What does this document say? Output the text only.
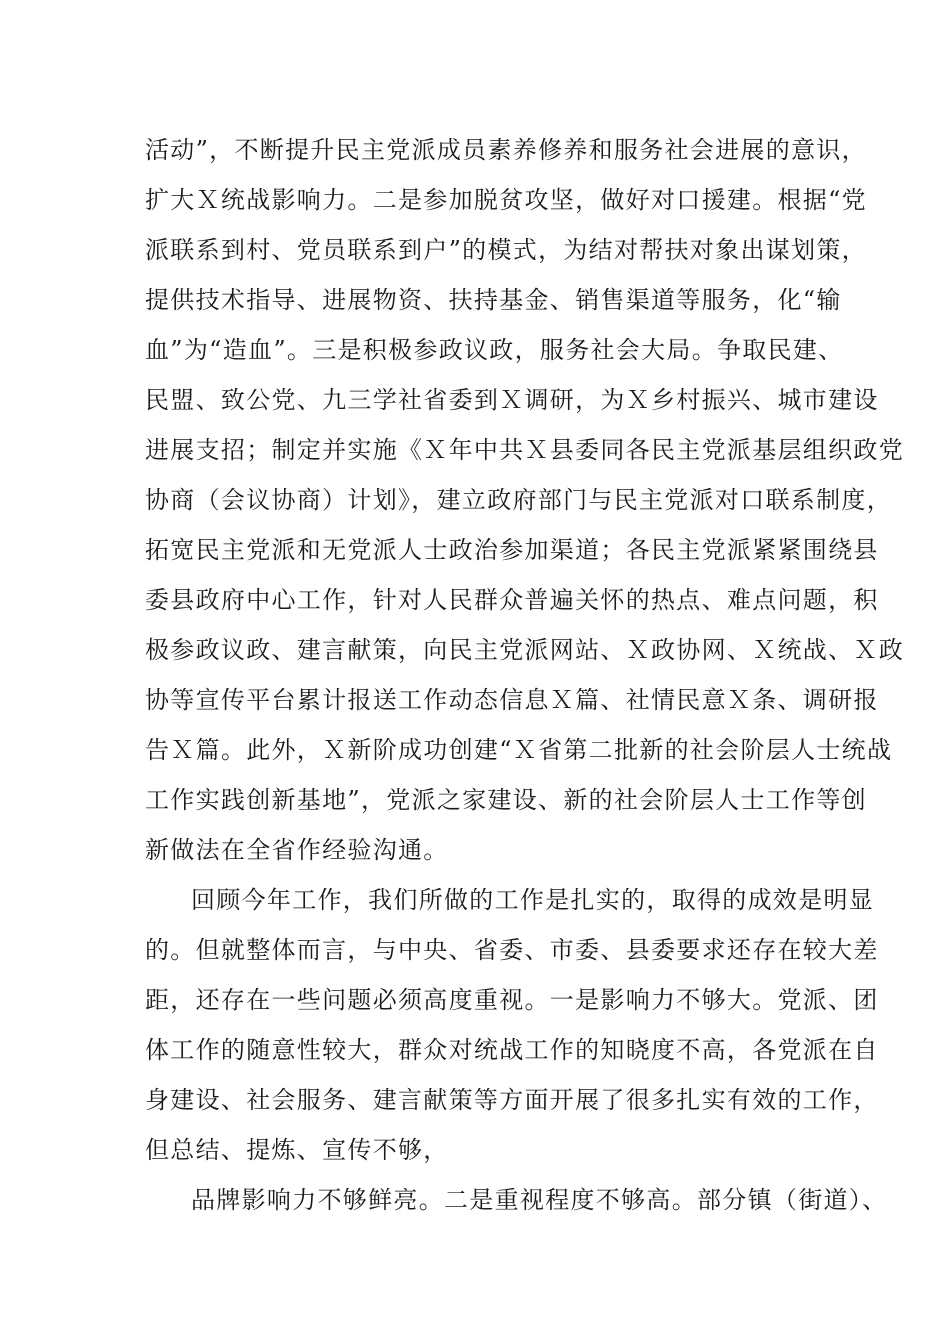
活动”，不断提升民主党派成员素养修养和服务社会进展的意识，
扩大Ｘ统战影响力。二是参加脱贫攻坚，做好对口援建。根据“党
派联系到村、党员联系到户”的模式，为结对帮扶对象出谋划策，
提供技术指导、进展物资、扶持基金、销售渠道等服务，化“输
血”为“造血”。三是积极参政议政，服务社会大局。争取民建、
民盟、致公党、九三学社省委到Ｘ调研，为Ｘ乡村振兴、城市建设
进展支招；制定并实施《Ｘ年中共Ｘ县委同各民主党派基层组织政党
协商（会议协商）计划》，建立政府部门与民主党派对口联系制度，
拓宽民主党派和无党派人士政治参加渠道；各民主党派紧紧围绕县
委县政府中心工作，针对人民群众普遍关怀的热点、难点问题，积
极参政议政、建言献策，向民主党派网站、Ｘ政协网、Ｘ统战、Ｘ政
协等宣传平台累计报送工作动态信息Ｘ篇、社情民意Ｘ条、调研报
告Ｘ篇。此外，Ｘ新阶成功创建“Ｘ省第二批新的社会阶层人士统战
工作实践创新基地”，党派之家建设、新的社会阶层人士工作等创
新做法在全省作经验沟通。
回顾今年工作，我们所做的工作是扎实的，取得的成效是明显
的。但就整体而言，与中央、省委、市委、县委要求还存在较大差
距，还存在一些问题必须高度重视。一是影响力不够大。党派、团
体工作的随意性较大，群众对统战工作的知晓度不高，各党派在自
身建设、社会服务、建言献策等方面开展了很多扎实有效的工作，
但总结、提炼、宣传不够，
品牌影响力不够鲜亮。二是重视程度不够高。部分镇（街道）、
